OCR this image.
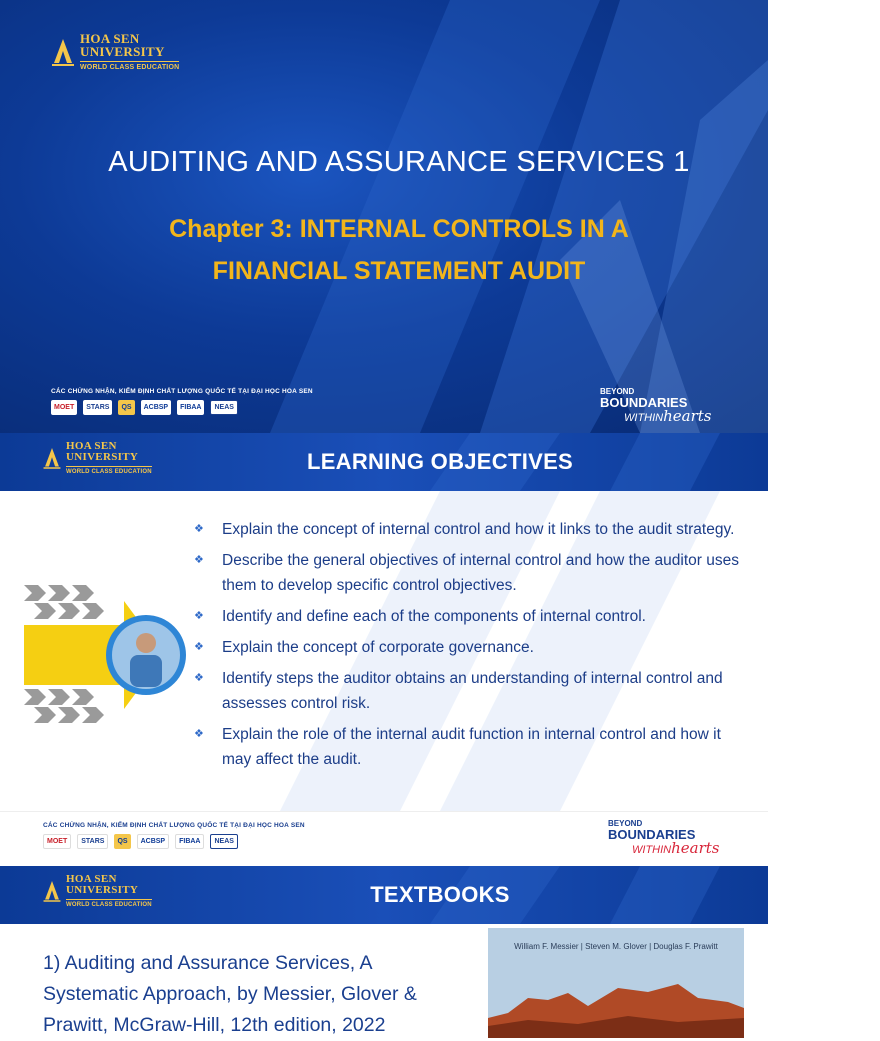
HOA SEN
UNIVERSITY
WORLD CLASS EDUCATION
AUDITING AND ASSURANCE SERVICES 1
Chapter 3: INTERNAL CONTROLS IN A
FINANCIAL STATEMENT AUDIT
CÁC CHỨNG NHẬN, KIỂM ĐỊNH CHẤT LƯỢNG QUỐC TẾ TẠI ĐẠI HỌC HOA SEN
MOET	STARS	QS	ACBSP	FIBAA	NEAS
BEYOND
BOUNDARIES
WITHINhearts
HOA SEN
UNIVERSITY
WORLD CLASS EDUCATION	LEARNING OBJECTIVES
❖ Explain the concept of internal control and how it links to the audit strategy.
❖ Describe the general objectives of internal control and how the auditor uses them to develop specific control objectives.
❖ Identify and define each of the components of internal control.
❖ Explain the concept of corporate governance.
❖ Identify steps the auditor obtains an understanding of internal control and assesses control risk.
❖ Explain the role of the internal audit function in internal control and how it may affect the audit.
CÁC CHỨNG NHẬN, KIỂM ĐỊNH CHẤT LƯỢNG QUỐC TẾ TẠI ĐẠI HỌC HOA SEN
MOET	STARS	QS	ACBSP	FIBAA	NEAS
BEYOND
BOUNDARIES
WITHINhearts
HOA SEN
UNIVERSITY
WORLD CLASS EDUCATION	TEXTBOOKS
1) Auditing and Assurance Services, A Systematic Approach, by Messier, Glover & Prawitt, McGraw-Hill, 12th edition, 2022
William F. Messier | Steven M. Glover | Douglas F. Prawitt
